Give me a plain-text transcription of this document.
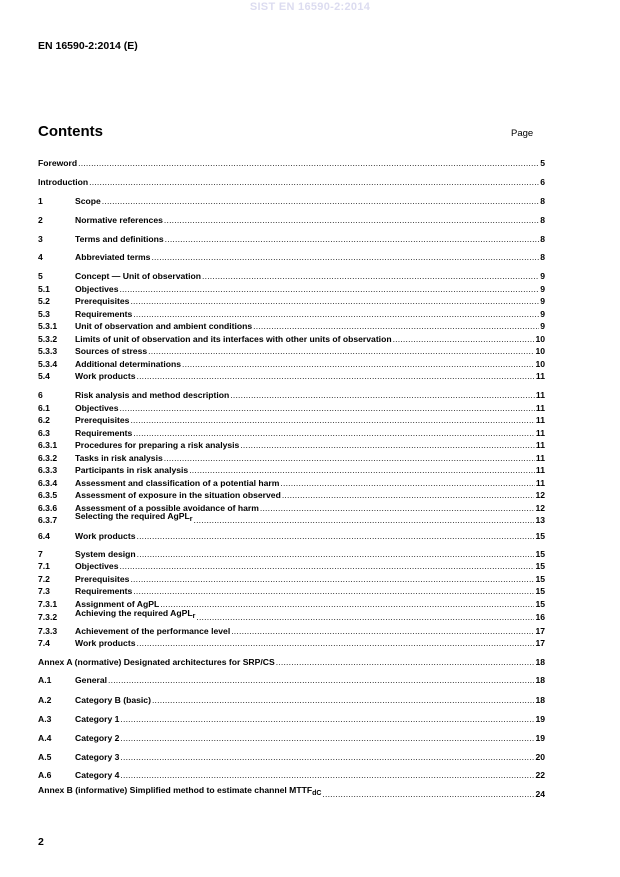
SIST EN 16590-2:2014
EN 16590-2:2014 (E)
Contents	Page
Foreword .....	5
Introduction .....	6
1	Scope .....	8
2	Normative references .....	8
3	Terms and definitions .....	8
4	Abbreviated terms .....	8
5	Concept — Unit of observation .....	9
5.1	Objectives .....	9
5.2	Prerequisites .....	9
5.3	Requirements .....	9
5.3.1	Unit of observation and ambient conditions .....	9
5.3.2	Limits of unit of observation and its interfaces with other units of observation .....	10
5.3.3	Sources of stress .....	10
5.3.4	Additional determinations .....	10
5.4	Work products .....	11
6	Risk analysis and method description .....	11
6.1	Objectives .....	11
6.2	Prerequisites .....	11
6.3	Requirements .....	11
6.3.1	Procedures for preparing a risk analysis .....	11
6.3.2	Tasks in risk analysis .....	11
6.3.3	Participants in risk analysis .....	11
6.3.4	Assessment and classification of a potential harm .....	11
6.3.5	Assessment of exposure in the situation observed .....	12
6.3.6	Assessment of a possible avoidance of harm .....	12
6.3.7	Selecting the required AgPL$_r$ .....	13
6.4	Work products .....	15
7	System design .....	15
7.1	Objectives .....	15
7.2	Prerequisites .....	15
7.3	Requirements .....	15
7.3.1	Assignment of AgPL .....	15
7.3.2	Achieving the required AgPL$_r$ .....	16
7.3.3	Achievement of the performance level .....	17
7.4	Work products .....	17
Annex A (normative) Designated architectures for SRP/CS .....	18
A.1	General .....	18
A.2	Category B (basic) .....	18
A.3	Category 1 .....	19
A.4	Category 2 .....	19
A.5	Category 3 .....	20
A.6	Category 4 .....	22
Annex B (informative) Simplified method to estimate channel $MTTF_{dC}$ .....	24
2
